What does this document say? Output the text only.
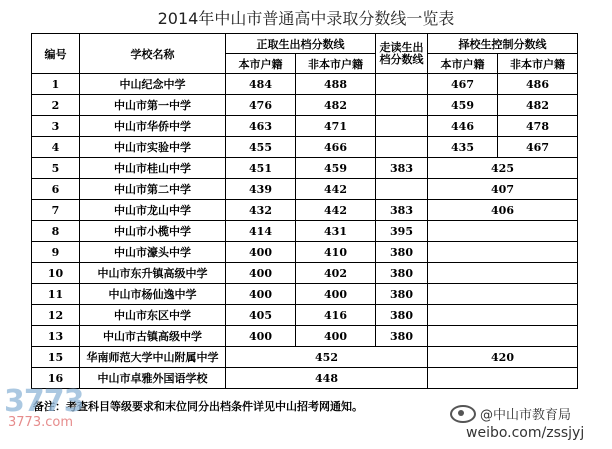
2014年中山市普通高中录取分数线一览表
编号	学校名称	正取生出档分数线		走读生出档分数线	择校生控制分数线	
		本市户籍	非本市户籍		本市户籍	非本市户籍
1	中山纪念中学	484	488		467	486
2	中山市第一中学	476	482		459	482
3	中山市华侨中学	463	471		446	478
4	中山市实验中学	455	466		435	467
5	中山市桂山中学	451	459	383	425	
6	中山市第二中学	439	442		407	
7	中山市龙山中学	432	442	383	406	
8	中山市小榄中学	414	431	395		
9	中山市濠头中学	400	410	380		
10	中山市东升镇高级中学	400	402	380		
11	中山市杨仙逸中学	400	400	380		
12	中山市东区中学	405	416	380		
13	中山市古镇高级中学	400	400	380		
15	华南师范大学中山附属中学	452			420	
16	中山市卓雅外国语学校	448				
备注：考查科目等级要求和末位同分出档条件详见中山招考网通知。
3773
3773.com	@中山市教育局
weibo.com/zssjyj
